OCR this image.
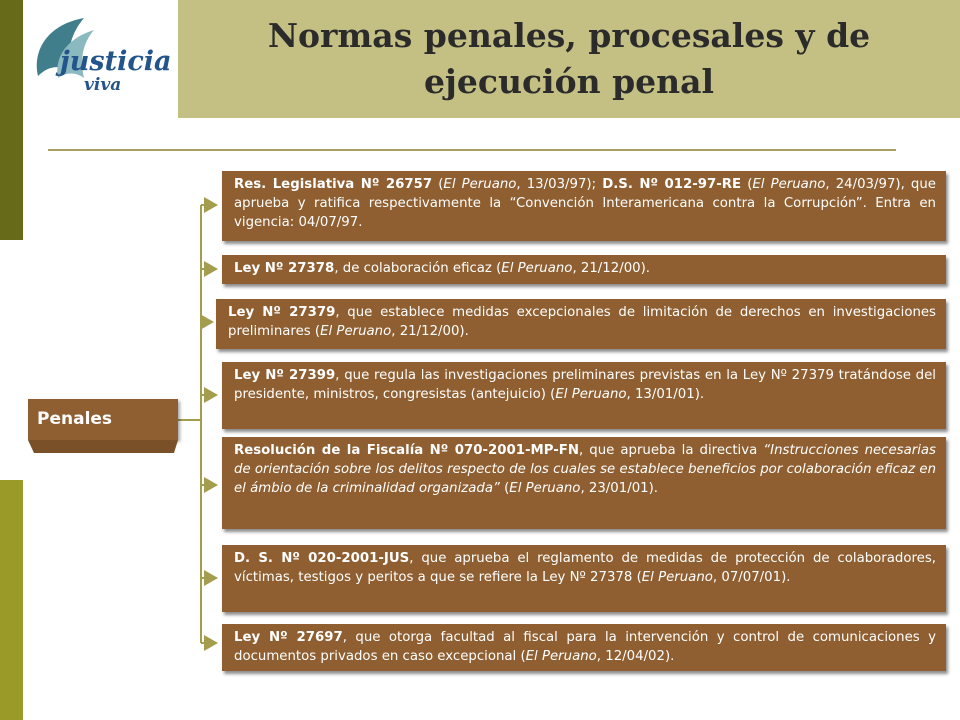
justicia
viva
Normas penales, procesales y de ejecución penal
Penales
Res. Legislativa Nº 26757 (El Peruano, 13/03/97); D.S. Nº 012-97-RE (El Peruano, 24/03/97), que aprueba y ratifica respectivamente la “Convención Interamericana contra la Corrupción”. Entra en vigencia: 04/07/97.
Ley Nº 27378, de colaboración eficaz (El Peruano, 21/12/00).
Ley Nº 27379, que establece medidas excepcionales de limitación de derechos en investigaciones preliminares (El Peruano, 21/12/00).
Ley Nº 27399, que regula las investigaciones preliminares previstas en la Ley Nº 27379 tratándose del presidente, ministros, congresistas (antejuicio) (El Peruano, 13/01/01).
Resolución de la Fiscalía Nº 070-2001-MP-FN, que aprueba la directiva “Instrucciones necesarias de orientación sobre los delitos respecto de los cuales se establece beneficios por colaboración eficaz en el ámbio de la criminalidad organizada” (El Peruano, 23/01/01).
D. S. Nº 020-2001-JUS, que aprueba el reglamento de medidas de protección de colaboradores, víctimas, testigos y peritos a que se refiere la Ley Nº 27378 (El Peruano, 07/07/01).
Ley Nº 27697, que otorga facultad al fiscal para la intervención y control de comunicaciones y documentos privados en caso excepcional (El Peruano, 12/04/02).
